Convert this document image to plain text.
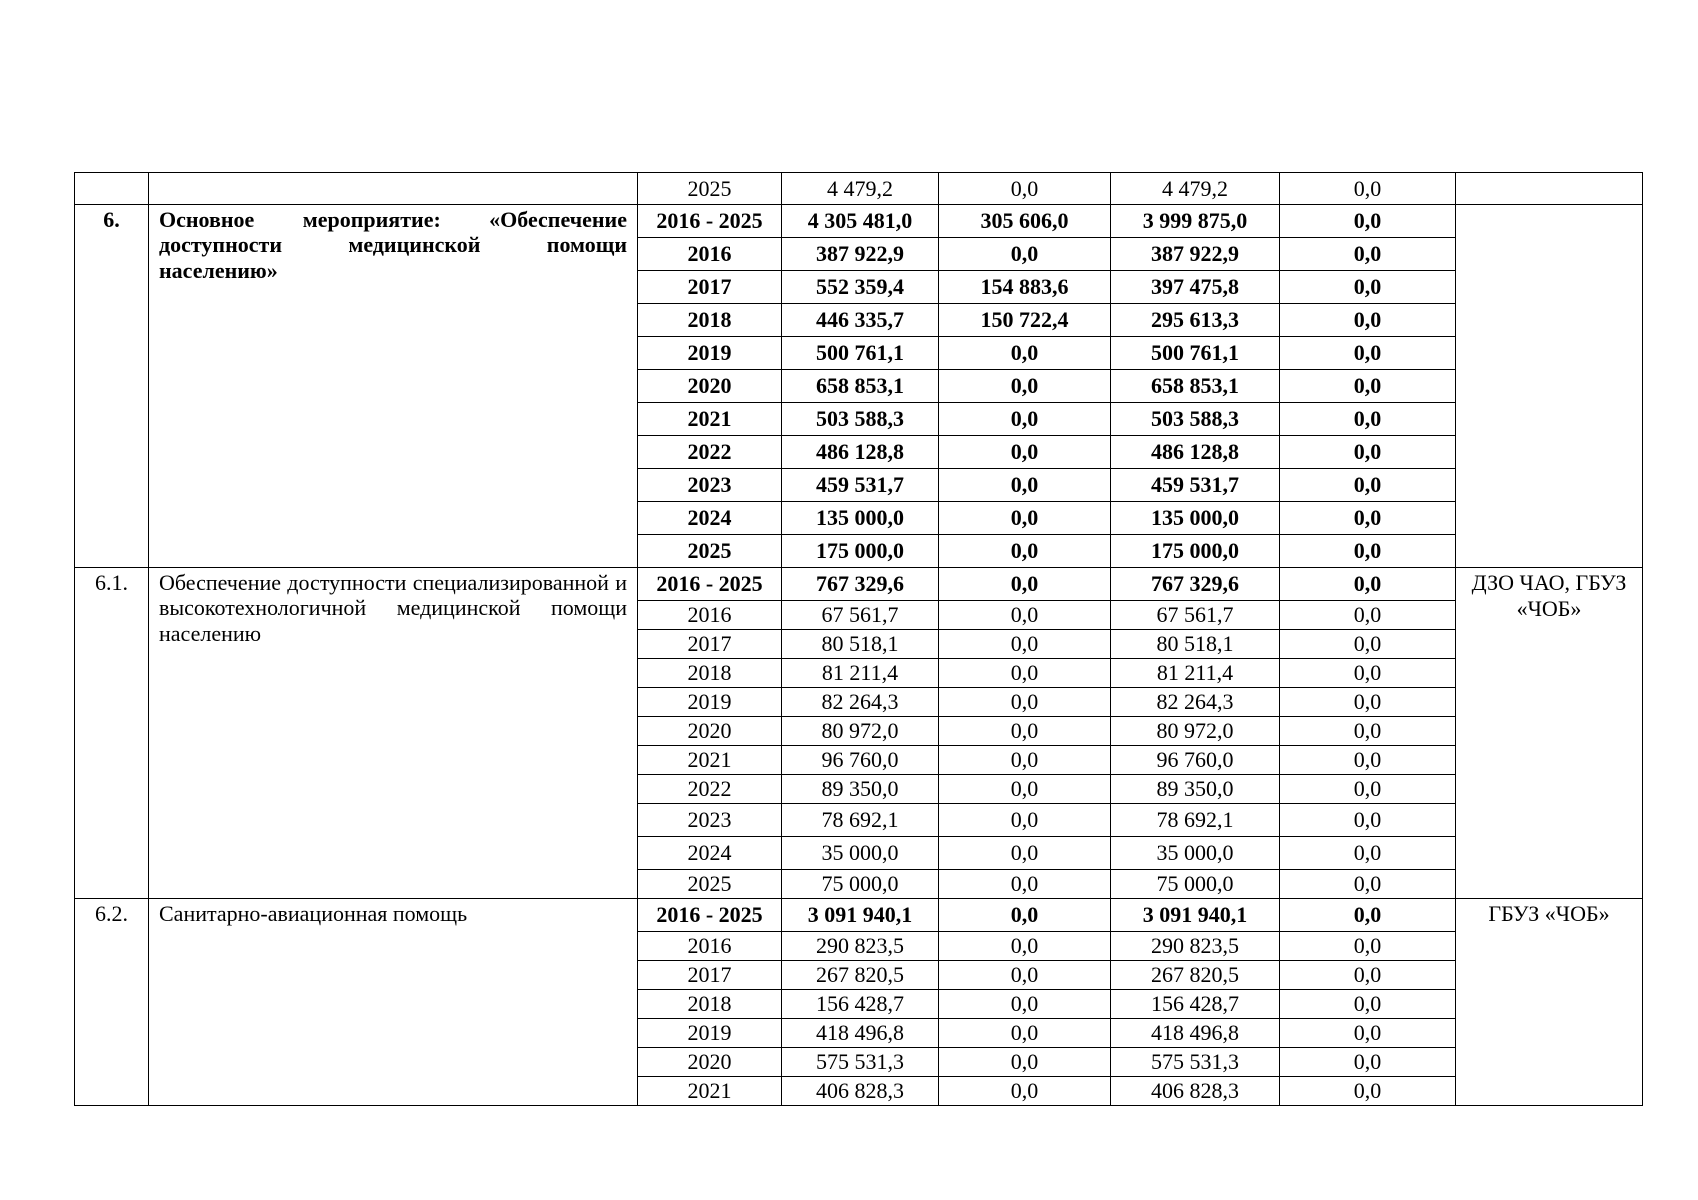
		2025	4 479,2	0,0	4 479,2	0,0	
6.	Основное мероприятие: «Обеспечение доступности медицинской помощи населению»	2016 - 2025	4 305 481,0	305 606,0	3 999 875,0	0,0	
		2016	387 922,9	0,0	387 922,9	0,0	
		2017	552 359,4	154 883,6	397 475,8	0,0	
		2018	446 335,7	150 722,4	295 613,3	0,0	
		2019	500 761,1	0,0	500 761,1	0,0	
		2020	658 853,1	0,0	658 853,1	0,0	
		2021	503 588,3	0,0	503 588,3	0,0	
		2022	486 128,8	0,0	486 128,8	0,0	
		2023	459 531,7	0,0	459 531,7	0,0	
		2024	135 000,0	0,0	135 000,0	0,0	
		2025	175 000,0	0,0	175 000,0	0,0	
6.1.	Обеспечение доступности специализированной и высокотехнологичной медицинской помощи населению	2016 - 2025	767 329,6	0,0	767 329,6	0,0	ДЗО ЧАО, ГБУЗ «ЧОБ»
		2016	67 561,7	0,0	67 561,7	0,0	
		2017	80 518,1	0,0	80 518,1	0,0	
		2018	81 211,4	0,0	81 211,4	0,0	
		2019	82 264,3	0,0	82 264,3	0,0	
		2020	80 972,0	0,0	80 972,0	0,0	
		2021	96 760,0	0,0	96 760,0	0,0	
		2022	89 350,0	0,0	89 350,0	0,0	
		2023	78 692,1	0,0	78 692,1	0,0	
		2024	35 000,0	0,0	35 000,0	0,0	
		2025	75 000,0	0,0	75 000,0	0,0	
6.2.	Санитарно-авиационная помощь	2016 - 2025	3 091 940,1	0,0	3 091 940,1	0,0	ГБУЗ «ЧОБ»
		2016	290 823,5	0,0	290 823,5	0,0	
		2017	267 820,5	0,0	267 820,5	0,0	
		2018	156 428,7	0,0	156 428,7	0,0	
		2019	418 496,8	0,0	418 496,8	0,0	
		2020	575 531,3	0,0	575 531,3	0,0	
		2021	406 828,3	0,0	406 828,3	0,0	
